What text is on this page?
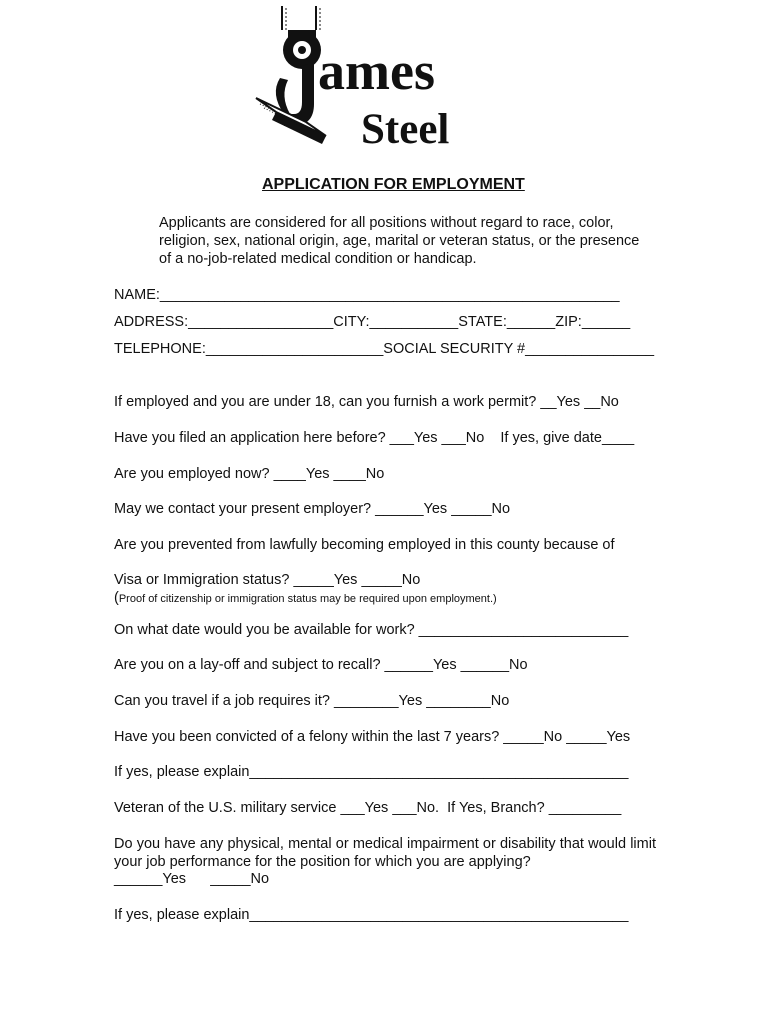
ames
Steel
APPLICATION FOR EMPLOYMENT
Applicants are considered for all positions without regard to race, color, religion, sex, national origin, age, marital or veteran status, or the presence of a no-job-related medical condition or handicap.
NAME:_________________________________________________________
ADDRESS:__________________CITY:___________STATE:______ZIP:______
TELEPHONE:______________________SOCIAL SECURITY #________________
If employed and you are under 18, can you furnish a work permit? __Yes __No
Have you filed an application here before? ___Yes ___No    If yes, give date____
Are you employed now? ____Yes ____No
May we contact your present employer? ______Yes _____No
Are you prevented from lawfully becoming employed in this county because of
Visa or Immigration status? _____Yes _____No
(Proof of citizenship or immigration status may be required upon employment.)
On what date would you be available for work? __________________________
Are you on a lay-off and subject to recall? ______Yes ______No
Can you travel if a job requires it? ________Yes ________No
Have you been convicted of a felony within the last 7 years? _____No _____Yes
If yes, please explain_______________________________________________
Veteran of the U.S. military service ___Yes ___No.  If Yes, Branch? _________
Do you have any physical, mental or medical impairment or disability that would limit your job performance for the position for which you are applying?
______Yes      _____No
If yes, please explain_______________________________________________
